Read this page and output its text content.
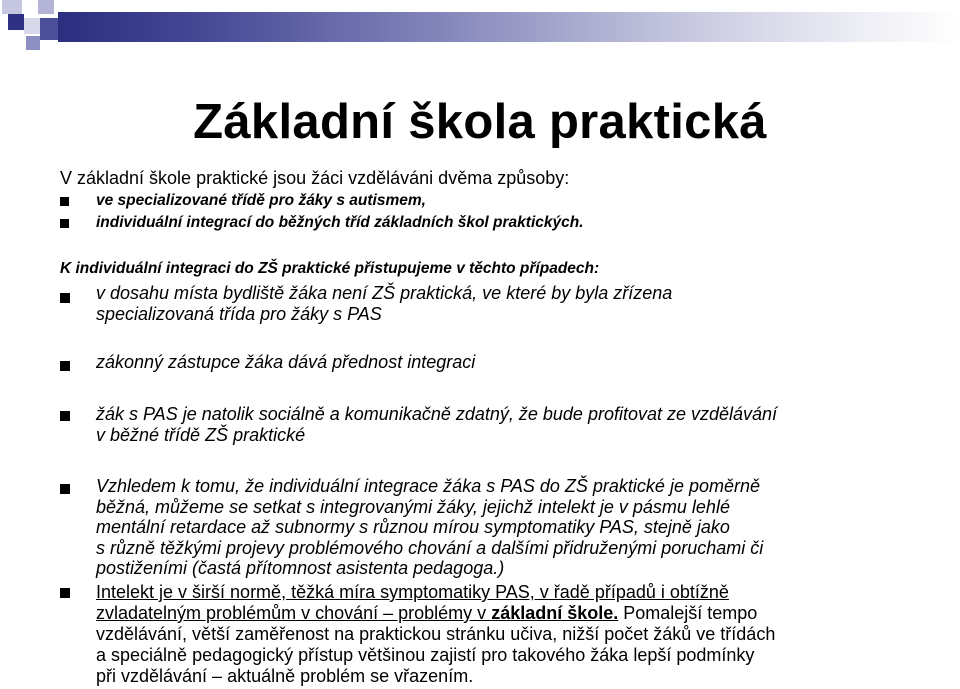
Základní škola praktická
V základní škole praktické jsou žáci vzděláváni dvěma způsoby:
ve specializované třídě pro žáky s autismem,
individuální integrací do běžných tříd základních škol praktických.
K individuální integraci do ZŠ praktické přistupujeme v těchto případech:
v dosahu místa bydliště žáka není ZŠ praktická, ve které by byla zřízena
specializovaná třída pro žáky s PAS
zákonný zástupce žáka dává přednost integraci
žák s PAS je natolik sociálně a komunikačně zdatný, že bude profitovat ze vzdělávání
v běžné třídě ZŠ praktické
Vzhledem k tomu, že individuální integrace žáka s PAS do ZŠ praktické je poměrně
běžná, můžeme se setkat s integrovanými žáky, jejichž intelekt je v pásmu lehlé
mentální retardace až subnormy s různou mírou symptomatiky PAS, stejně jako
s různě těžkými projevy problémového chování a dalšími přidruženými poruchami či
postiženími (častá přítomnost asistenta pedagoga.)
Intelekt je v širší normě, těžká míra symptomatiky PAS, v řadě případů i obtížně
zvladatelným problémům v chování – problémy v základní škole. Pomalejší tempo
vzdělávání, větší zaměřenost na praktickou stránku učiva, nižší počet žáků ve třídách
a speciálně pedagogický přístup většinou zajistí pro takového žáka lepší podmínky
při vzdělávání – aktuálně problém se vřazením.
